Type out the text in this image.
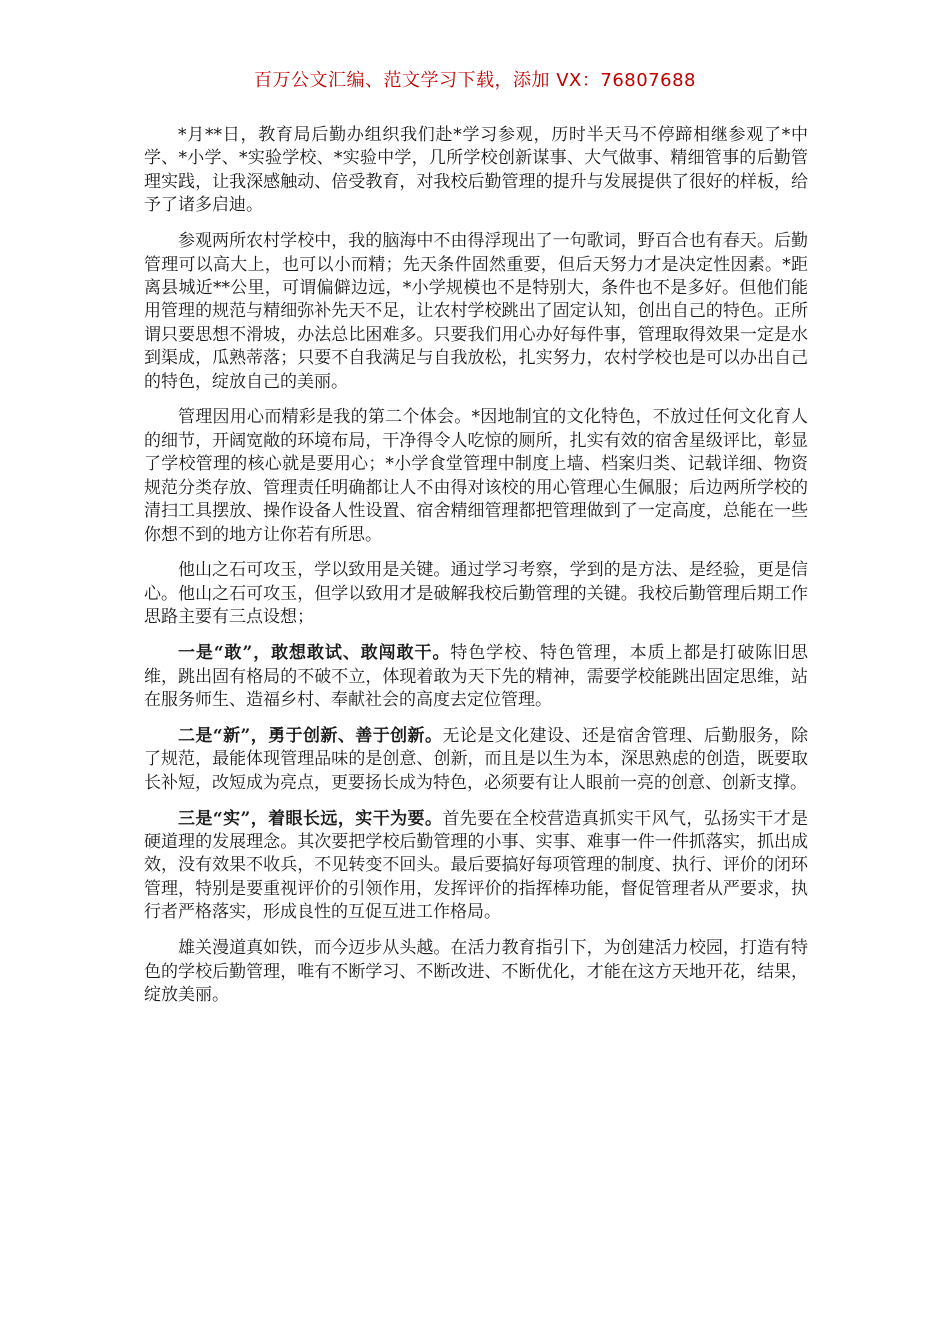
百万公文汇编、范文学习下载，添加 VX：76807688

*月**日，教育局后勤办组织我们赴*学习参观，历时半天马不停蹄相继参观了*中学、*小学、*实验学校、*实验中学，几所学校创新谋事、大气做事、精细管事的后勤管理实践，让我深感触动、倍受教育，对我校后勤管理的提升与发展提供了很好的样板，给予了诸多启迪。

参观两所农村学校中，我的脑海中不由得浮现出了一句歌词，野百合也有春天。后勤管理可以高大上，也可以小而精；先天条件固然重要，但后天努力才是决定性因素。*距离县城近**公里，可谓偏僻边远，*小学规模也不是特别大，条件也不是多好。但他们能用管理的规范与精细弥补先天不足，让农村学校跳出了固定认知，创出自己的特色。正所谓只要思想不滑坡，办法总比困难多。只要我们用心办好每件事，管理取得效果一定是水到渠成，瓜熟蒂落；只要不自我满足与自我放松，扎实努力，农村学校也是可以办出自己的特色，绽放自己的美丽。

管理因用心而精彩是我的第二个体会。*因地制宜的文化特色，不放过任何文化育人的细节，开阔宽敞的环境布局，干净得令人吃惊的厕所，扎实有效的宿舍星级评比，彰显了学校管理的核心就是要用心；*小学食堂管理中制度上墙、档案归类、记载详细、物资规范分类存放、管理责任明确都让人不由得对该校的用心管理心生佩服；后边两所学校的清扫工具摆放、操作设备人性设置、宿舍精细管理都把管理做到了一定高度，总能在一些你想不到的地方让你若有所思。

他山之石可攻玉，学以致用是关键。通过学习考察，学到的是方法、是经验，更是信心。他山之石可攻玉，但学以致用才是破解我校后勤管理的关键。我校后勤管理后期工作思路主要有三点设想；

一是“敢”，敢想敢试、敢闯敢干。特色学校、特色管理，本质上都是打破陈旧思维，跳出固有格局的不破不立，体现着敢为天下先的精神，需要学校能跳出固定思维，站在服务师生、造福乡村、奉献社会的高度去定位管理。

二是“新”，勇于创新、善于创新。无论是文化建设、还是宿舍管理、后勤服务，除了规范，最能体现管理品味的是创意、创新，而且是以生为本，深思熟虑的创造，既要取长补短，改短成为亮点，更要扬长成为特色，必须要有让人眼前一亮的创意、创新支撑。

三是“实”，着眼长远，实干为要。首先要在全校营造真抓实干风气，弘扬实干才是硬道理的发展理念。其次要把学校后勤管理的小事、实事、难事一件一件抓落实，抓出成效，没有效果不收兵，不见转变不回头。最后要搞好每项管理的制度、执行、评价的闭环管理，特别是要重视评价的引领作用，发挥评价的指挥棒功能，督促管理者从严要求，执行者严格落实，形成良性的互促互进工作格局。

雄关漫道真如铁，而今迈步从头越。在活力教育指引下，为创建活力校园，打造有特色的学校后勤管理，唯有不断学习、不断改进、不断优化，才能在这方天地开花，结果，绽放美丽。
